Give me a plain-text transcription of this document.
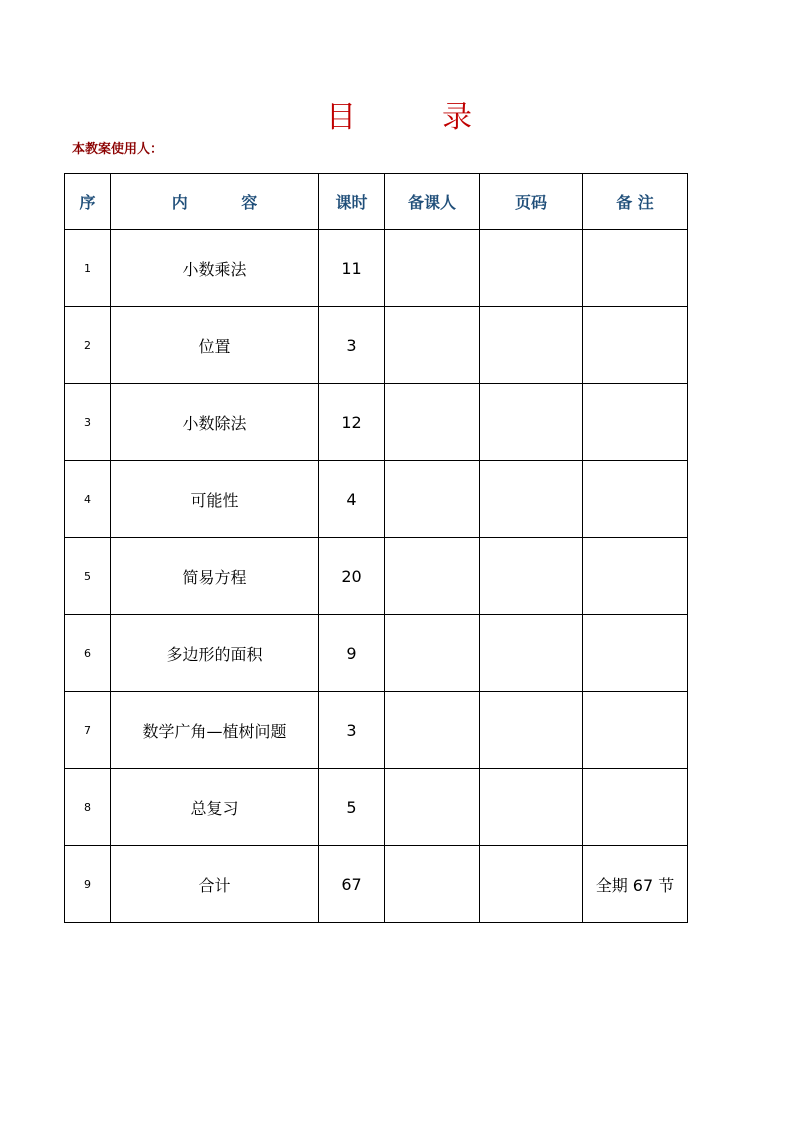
目	录
本教案使用人：
序	内 容	课时	备课人	页码	备 注
1	小数乘法	11			
2	位置	3			
3	小数除法	12			
4	可能性	4			
5	简易方程	20			
6	多边形的面积	9			
7	数学广角—植树问题	3			
8	总复习	5			
9	合计	67			全期 67 节
